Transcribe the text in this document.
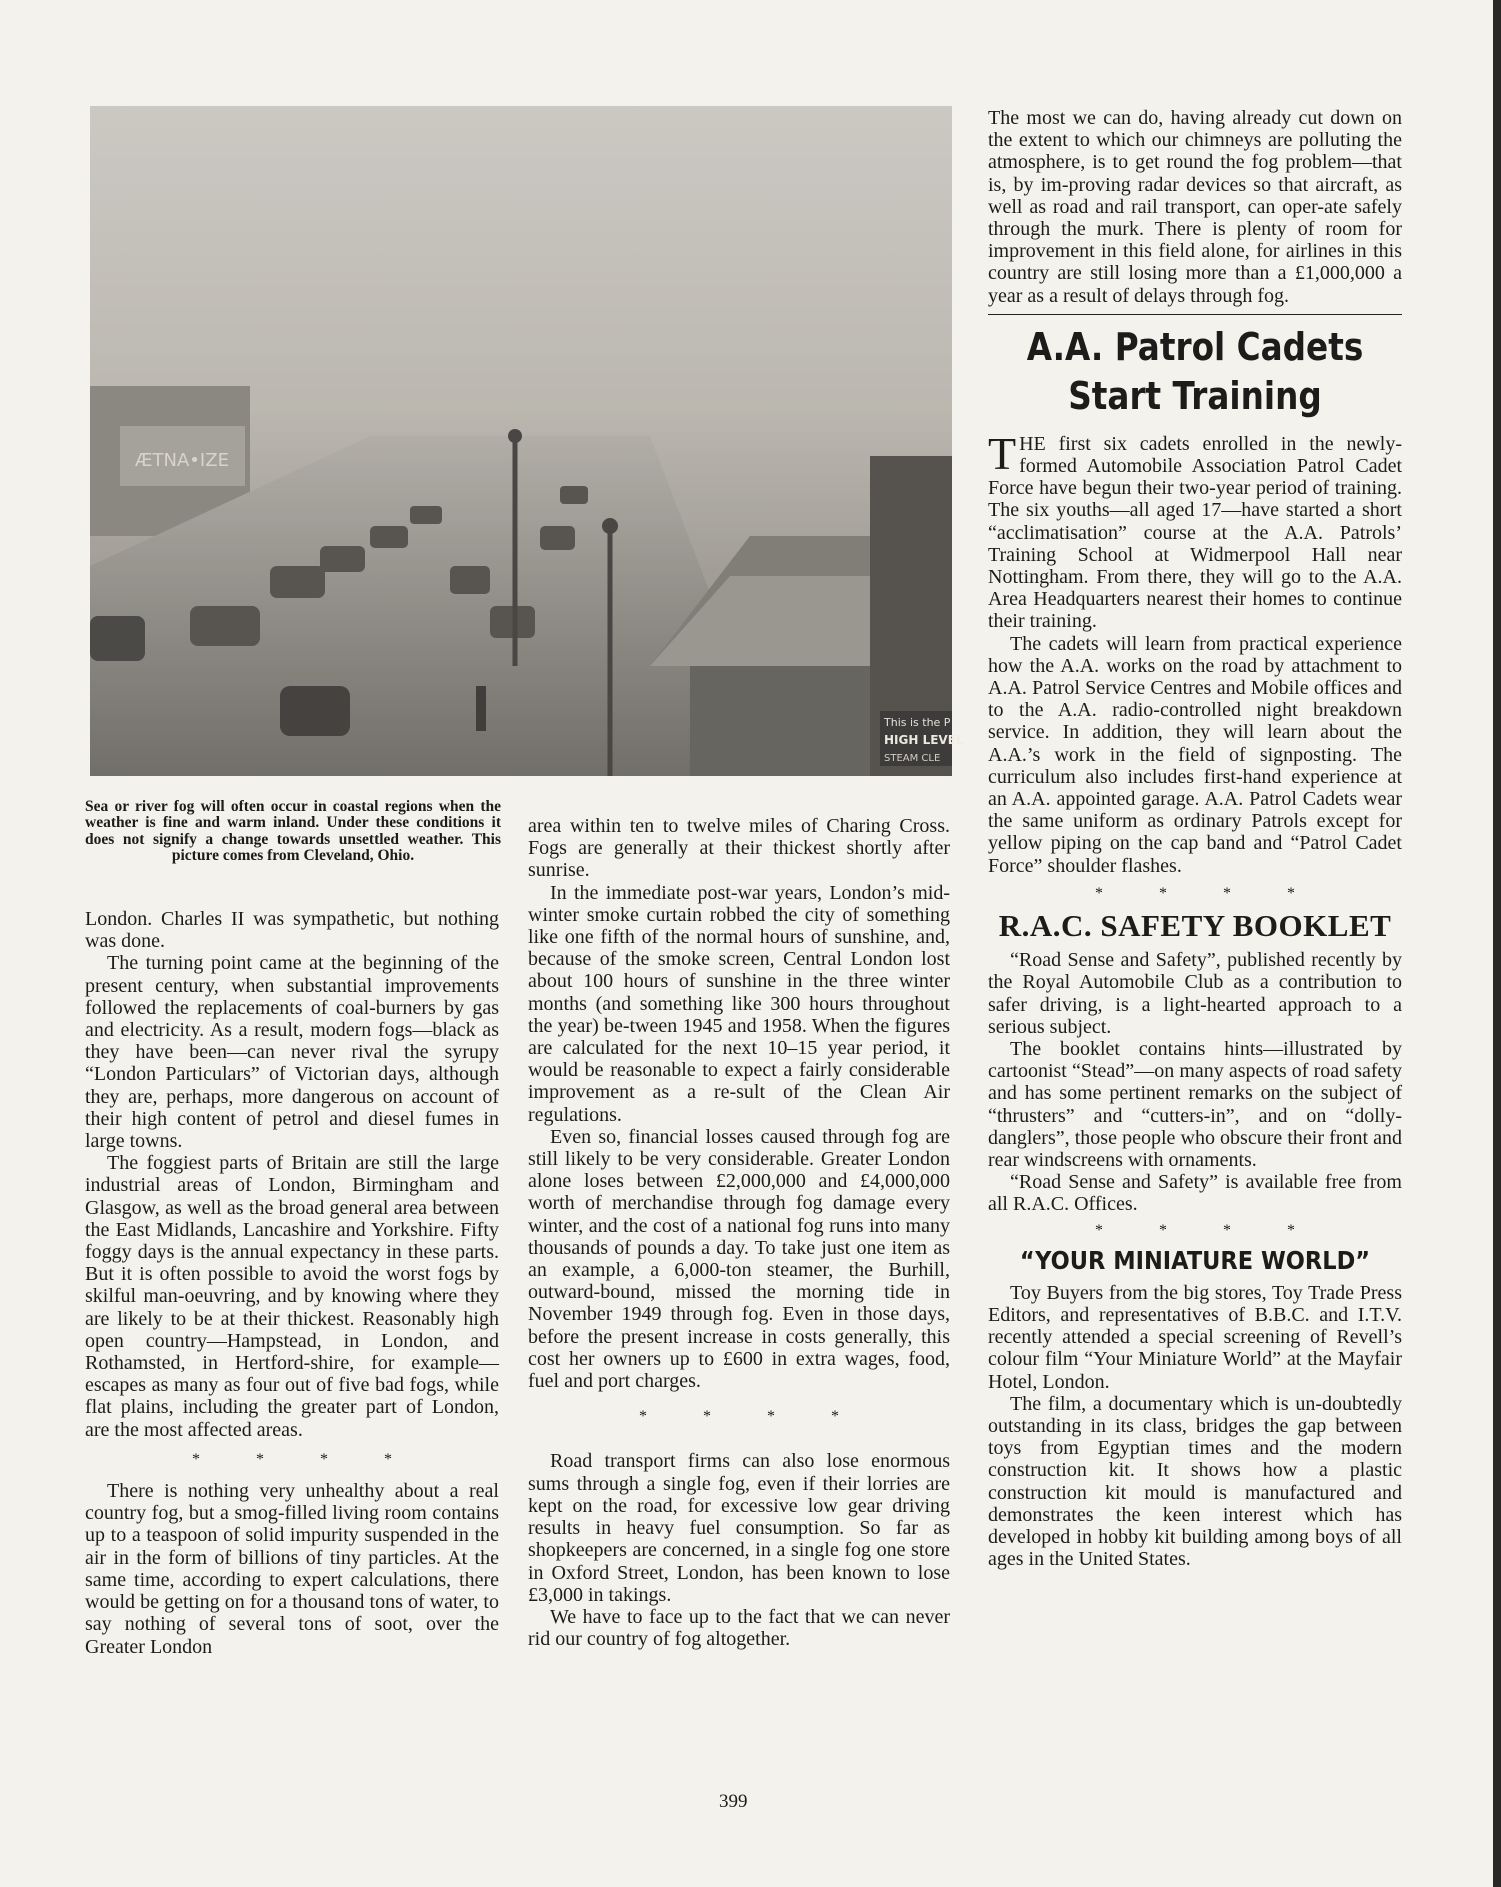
ÆTNA•IZE
This is the P
HIGH LEVEL
STEAM CLE
Sea or river fog will often occur in coastal regions when the weather is fine and warm inland. Under these conditions it does not signify a change towards unsettled weather. This picture comes from Cleveland, Ohio.

London. Charles II was sympathetic, but nothing was done.

The turning point came at the beginning of the present century, when substantial improvements followed the replacements of coal-burners by gas and electricity. As a result, modern fogs—black as they have been—can never rival the syrupy “London Particulars” of Victorian days, although they are, perhaps, more dangerous on account of their high content of petrol and diesel fumes in large towns.

The foggiest parts of Britain are still the large industrial areas of London, Birmingham and Glasgow, as well as the broad general area between the East Midlands, Lancashire and Yorkshire. Fifty foggy days is the annual expectancy in these parts. But it is often possible to avoid the worst fogs by skilful man-oeuvring, and by knowing where they are likely to be at their thickest. Reasonably high open country—Hampstead, in London, and Rothamsted, in Hertford-shire, for example—escapes as many as four out of five bad fogs, while flat plains, including the greater part of London, are the most affected areas.

* * * *

There is nothing very unhealthy about a real country fog, but a smog-filled living room contains up to a teaspoon of solid impurity suspended in the air in the form of billions of tiny particles. At the same time, according to expert calculations, there would be getting on for a thousand tons of water, to say nothing of several tons of soot, over the Greater London

area within ten to twelve miles of Charing Cross. Fogs are generally at their thickest shortly after sunrise.

In the immediate post-war years, London’s mid-winter smoke curtain robbed the city of something like one fifth of the normal hours of sunshine, and, because of the smoke screen, Central London lost about 100 hours of sunshine in the three winter months (and something like 300 hours throughout the year) be-tween 1945 and 1958. When the figures are calculated for the next 10–15 year period, it would be reasonable to expect a fairly considerable improvement as a re-sult of the Clean Air regulations.

Even so, financial losses caused through fog are still likely to be very considerable. Greater London alone loses between £2,000,000 and £4,000,000 worth of merchandise through fog damage every winter, and the cost of a national fog runs into many thousands of pounds a day. To take just one item as an example, a 6,000-ton steamer, the Burhill, outward-bound, missed the morning tide in November 1949 through fog. Even in those days, before the present increase in costs generally, this cost her owners up to £600 in extra wages, food, fuel and port charges.

* * * *

Road transport firms can also lose enormous sums through a single fog, even if their lorries are kept on the road, for excessive low gear driving results in heavy fuel consumption. So far as shopkeepers are concerned, in a single fog one store in Oxford Street, London, has been known to lose £3,000 in takings.

We have to face up to the fact that we can never rid our country of fog altogether.

The most we can do, having already cut down on the extent to which our chimneys are polluting the atmosphere, is to get round the fog problem—that is, by im-proving radar devices so that aircraft, as well as road and rail transport, can oper-ate safely through the murk. There is plenty of room for improvement in this field alone, for airlines in this country are still losing more than a £1,000,000 a year as a result of delays through fog.

A.A. Patrol Cadets
Start Training

THE first six cadets enrolled in the newly-formed Automobile Association Patrol Cadet Force have begun their two-year period of training. The six youths—all aged 17—have started a short “acclimatisation” course at the A.A. Patrols’ Training School at Widmerpool Hall near Nottingham. From there, they will go to the A.A. Area Headquarters nearest their homes to continue their training.

The cadets will learn from practical experience how the A.A. works on the road by attachment to A.A. Patrol Service Centres and Mobile offices and to the A.A. radio-controlled night breakdown service. In addition, they will learn about the A.A.’s work in the field of signposting. The curriculum also includes first-hand experience at an A.A. appointed garage. A.A. Patrol Cadets wear the same uniform as ordinary Patrols except for yellow piping on the cap band and “Patrol Cadet Force” shoulder flashes.

* * * *
R.A.C. SAFETY BOOKLET

“Road Sense and Safety”, published recently by the Royal Automobile Club as a contribution to safer driving, is a light-hearted approach to a serious subject.

The booklet contains hints—illustrated by cartoonist “Stead”—on many aspects of road safety and has some pertinent remarks on the subject of “thrusters” and “cutters-in”, and on “dolly-danglers”, those people who obscure their front and rear windscreens with ornaments.

“Road Sense and Safety” is available free from all R.A.C. Offices.

* * * *
“YOUR MINIATURE WORLD”

Toy Buyers from the big stores, Toy Trade Press Editors, and representatives of B.B.C. and I.T.V. recently attended a special screening of Revell’s colour film “Your Miniature World” at the Mayfair Hotel, London.

The film, a documentary which is un-doubtedly outstanding in its class, bridges the gap between toys from Egyptian times and the modern construction kit. It shows how a plastic construction kit mould is manufactured and demonstrates the keen interest which has developed in hobby kit building among boys of all ages in the United States.

399
